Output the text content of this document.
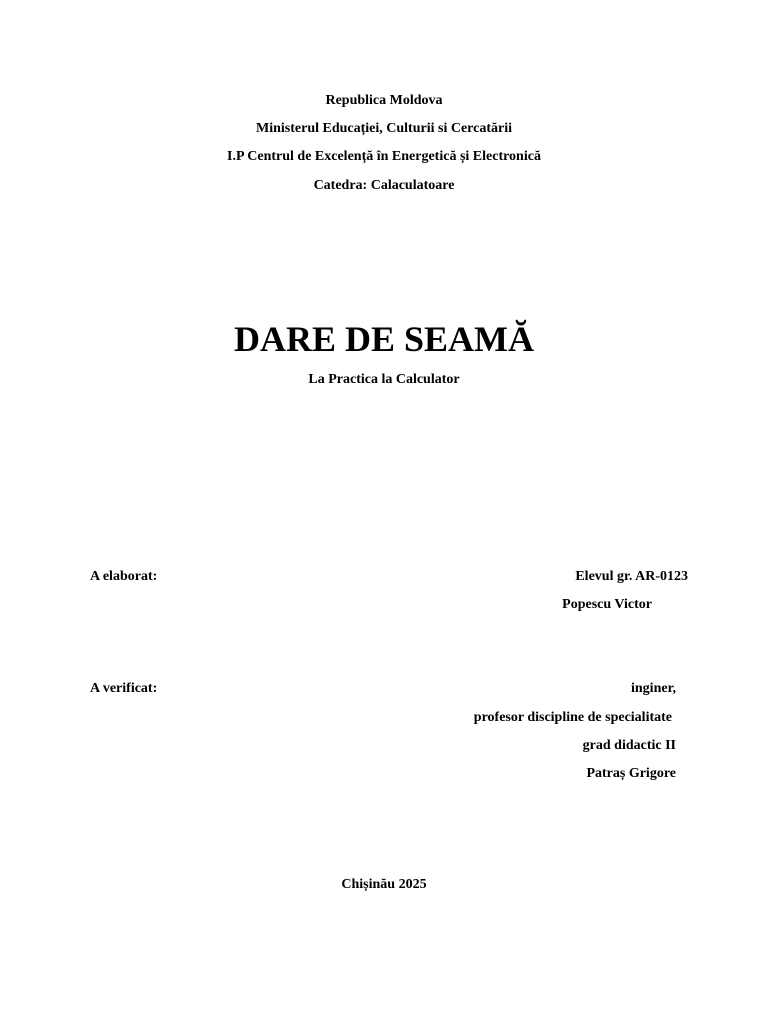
Republica Moldova
Ministerul Educației, Culturii si Cercatării
I.P Centrul de Excelență în Energetică și Electronică
Catedra: Calaculatoare
DARE DE SEAMĂ
La Practica la Calculator
A elaborat:	Elevul gr. AR-0123
Popescu Victor
A verificat:	inginer,
profesor discipline de specialitate
grad didactic II
Patraș Grigore
Chișinău 2025
